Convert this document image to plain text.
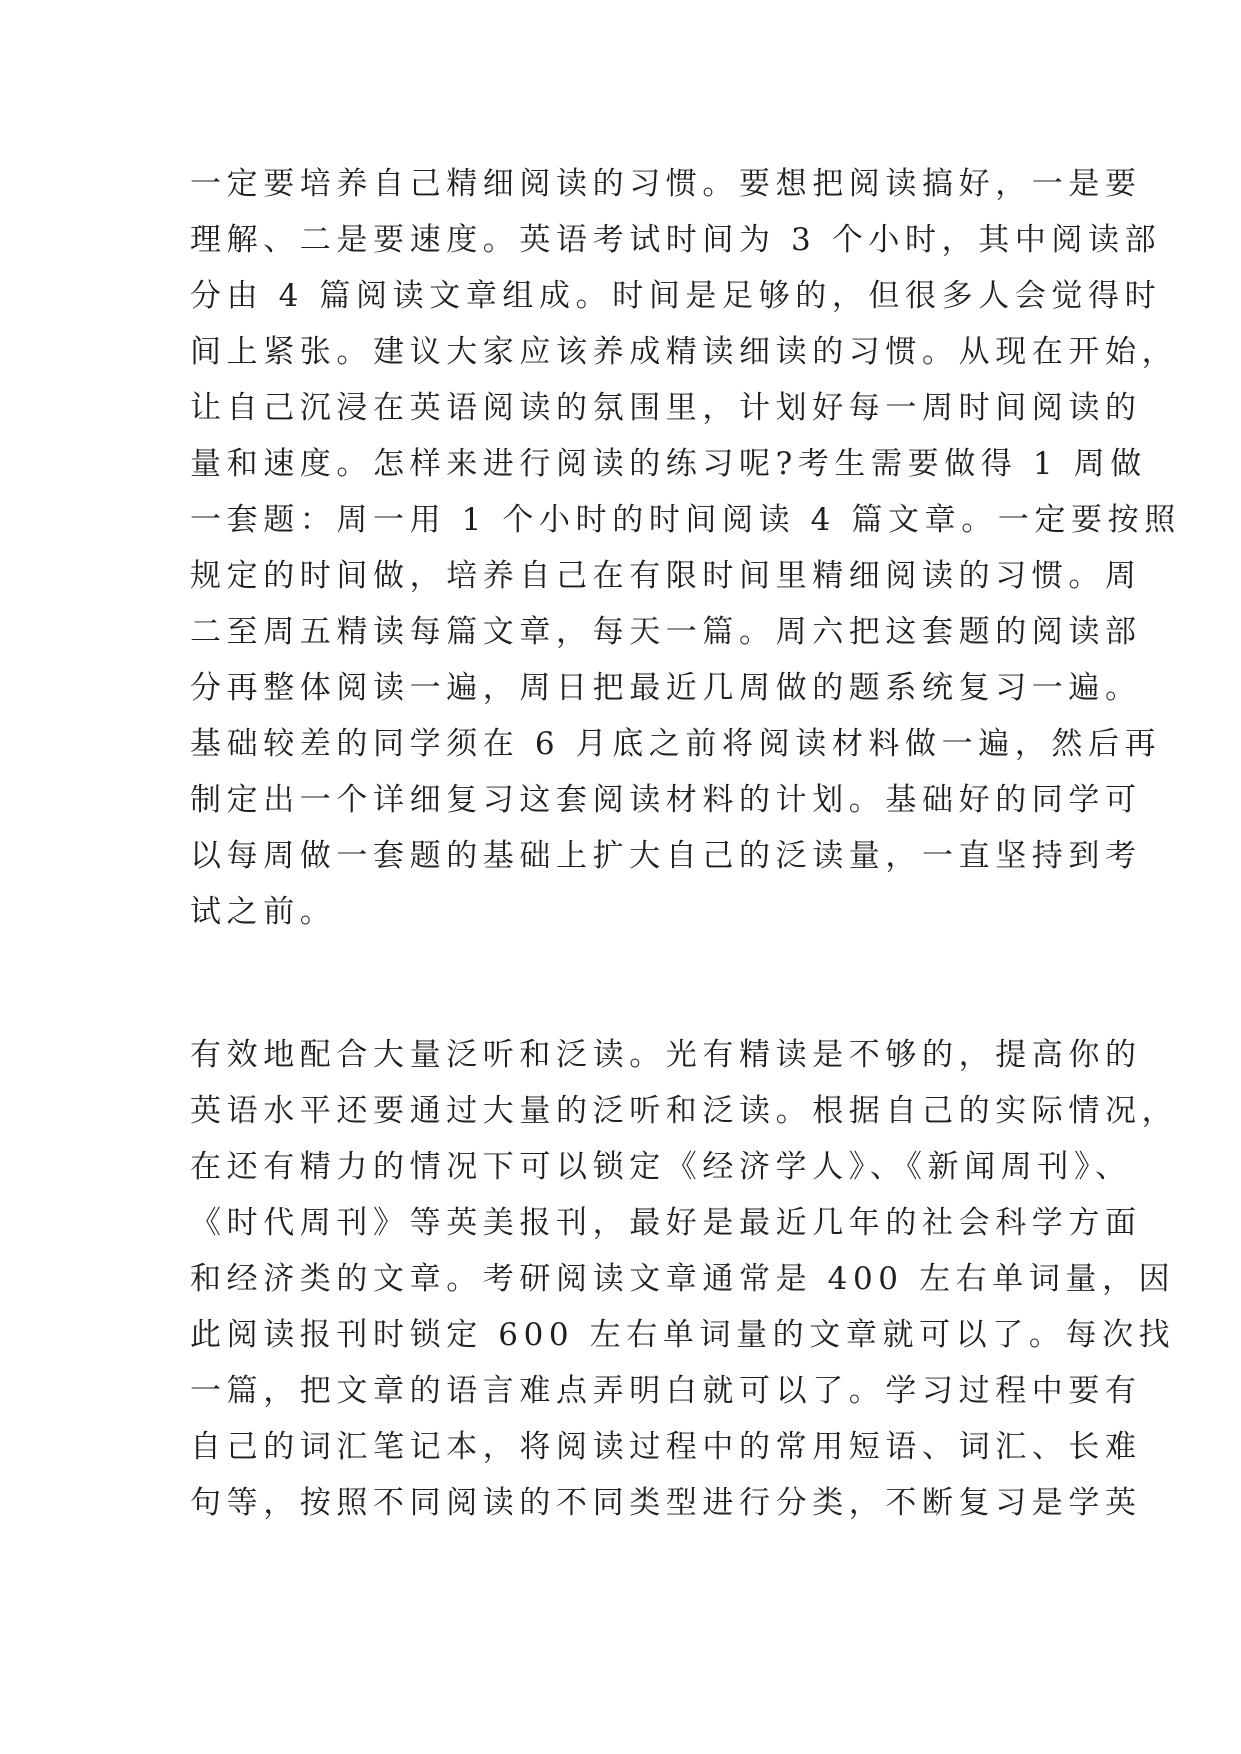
一定要培养自己精细阅读的习惯。要想把阅读搞好，一是要

理解、二是要速度。英语考试时间为 3 个小时，其中阅读部

分由 4 篇阅读文章组成。时间是足够的，但很多人会觉得时

间上紧张。建议大家应该养成精读细读的习惯。从现在开始，

让自己沉浸在英语阅读的氛围里，计划好每一周时间阅读的

量和速度。怎样来进行阅读的练习呢?考生需要做得 1 周做

一套题：周一用 1 个小时的时间阅读 4 篇文章。一定要按照

规定的时间做，培养自己在有限时间里精细阅读的习惯。周

二至周五精读每篇文章，每天一篇。周六把这套题的阅读部

分再整体阅读一遍，周日把最近几周做的题系统复习一遍。

基础较差的同学须在 6 月底之前将阅读材料做一遍，然后再

制定出一个详细复习这套阅读材料的计划。基础好的同学可

以每周做一套题的基础上扩大自己的泛读量，一直坚持到考

试之前。

有效地配合大量泛听和泛读。光有精读是不够的，提高你的

英语水平还要通过大量的泛听和泛读。根据自己的实际情况，

在还有精力的情况下可以锁定《经济学人》、《新闻周刊》、

《时代周刊》等英美报刊，最好是最近几年的社会科学方面

和经济类的文章。考研阅读文章通常是 400 左右单词量，因

此阅读报刊时锁定 600 左右单词量的文章就可以了。每次找

一篇，把文章的语言难点弄明白就可以了。学习过程中要有

自己的词汇笔记本，将阅读过程中的常用短语、词汇、长难

句等，按照不同阅读的不同类型进行分类，不断复习是学英
